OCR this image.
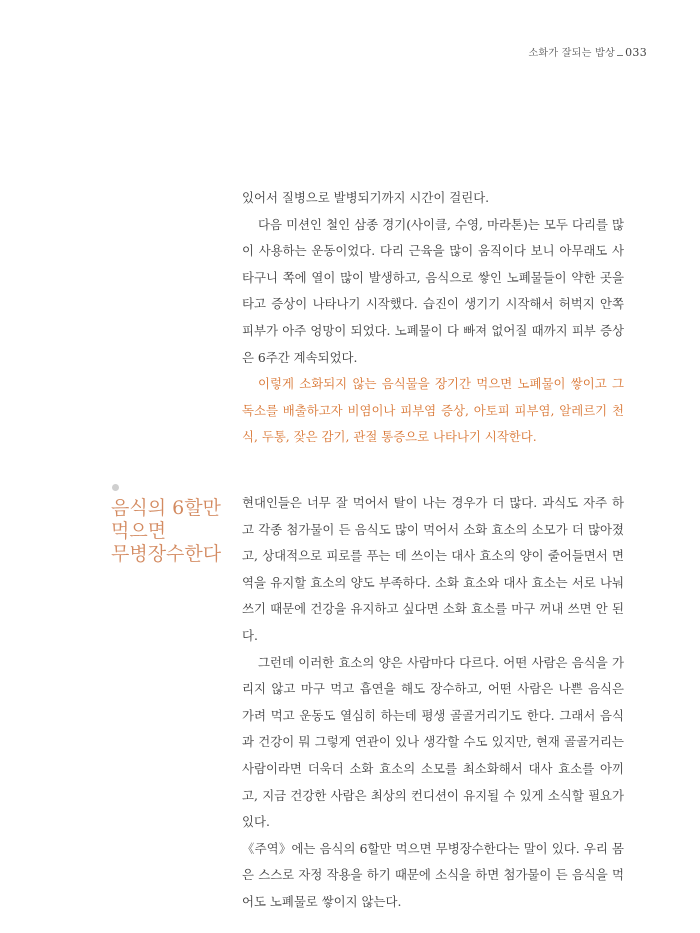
소화가 잘되는 밥상 033

있어서 질병으로 발병되기까지 시간이 걸린다.

다음 미션인 철인 삼종 경기(사이클, 수영, 마라톤)는 모두 다리를 많이 사용하는 운동이었다. 다리 근육을 많이 움직이다 보니 아무래도 사타구니 쪽에 열이 많이 발생하고, 음식으로 쌓인 노폐물들이 약한 곳을 타고 증상이 나타나기 시작했다. 습진이 생기기 시작해서 허벅지 안쪽 피부가 아주 엉망이 되었다. 노폐물이 다 빠져 없어질 때까지 피부 증상은 6주간 계속되었다.

이렇게 소화되지 않는 음식물을 장기간 먹으면 노폐물이 쌓이고 그 독소를 배출하고자 비염이나 피부염 증상, 아토피 피부염, 알레르기 천식, 두통, 잦은 감기, 관절 통증으로 나타나기 시작한다.

음식의 6할만
먹으면
무병장수한다

현대인들은 너무 잘 먹어서 탈이 나는 경우가 더 많다. 과식도 자주 하고 각종 첨가물이 든 음식도 많이 먹어서 소화 효소의 소모가 더 많아졌고, 상대적으로 피로를 푸는 데 쓰이는 대사 효소의 양이 줄어들면서 면역을 유지할 효소의 양도 부족하다. 소화 효소와 대사 효소는 서로 나눠 쓰기 때문에 건강을 유지하고 싶다면 소화 효소를 마구 꺼내 쓰면 안 된다.

그런데 이러한 효소의 양은 사람마다 다르다. 어떤 사람은 음식을 가리지 않고 마구 먹고 흡연을 해도 장수하고, 어떤 사람은 나쁜 음식은 가려 먹고 운동도 열심히 하는데 평생 골골거리기도 한다. 그래서 음식과 건강이 뭐 그렇게 연관이 있나 생각할 수도 있지만, 현재 골골거리는 사람이라면 더욱더 소화 효소의 소모를 최소화해서 대사 효소를 아끼고, 지금 건강한 사람은 최상의 컨디션이 유지될 수 있게 소식할 필요가 있다.

《주역》에는 음식의 6할만 먹으면 무병장수한다는 말이 있다. 우리 몸은 스스로 자정 작용을 하기 때문에 소식을 하면 첨가물이 든 음식을 먹어도 노폐물로 쌓이지 않는다.
